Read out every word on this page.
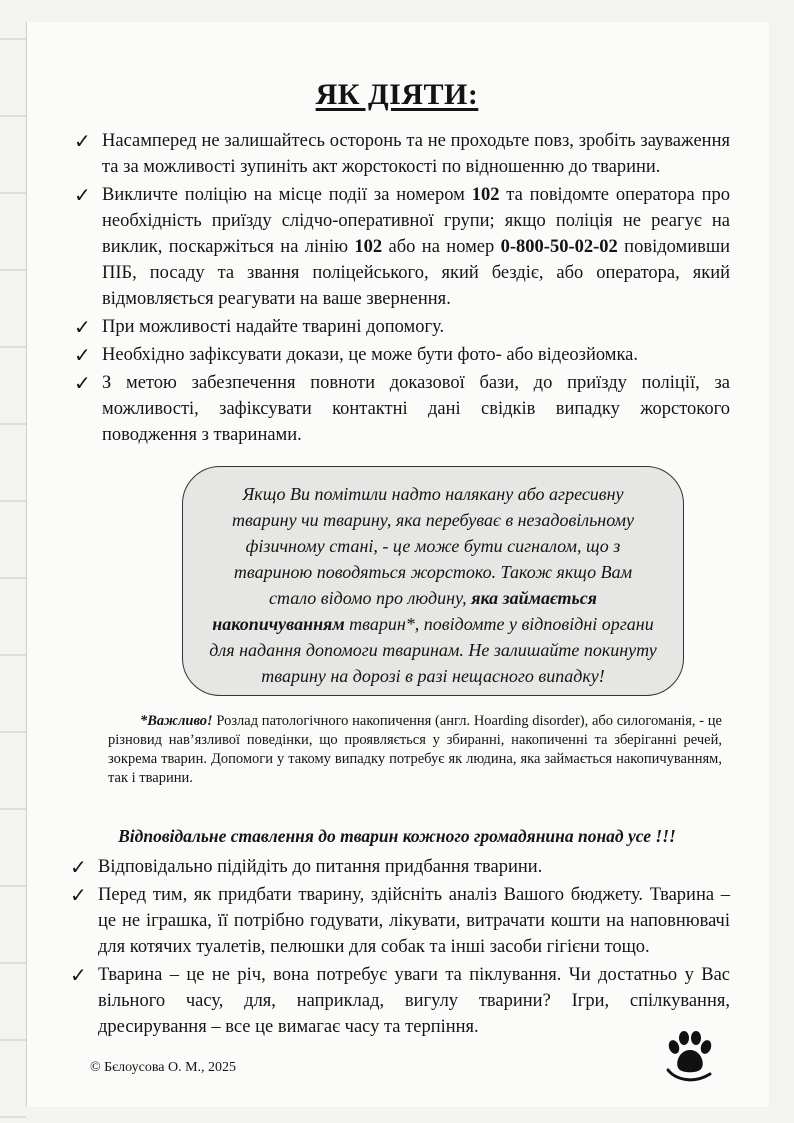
ЯК ДІЯТИ:
✓ Насамперед не залишайтесь осторонь та не проходьте повз, зробіть зауваження та за можливості зупиніть акт жорстокості по відношенню до тварини.
✓ Викличте поліцію на місце події за номером 102 та повідомте оператора про необхідність приїзду слідчо-оперативної групи; якщо поліція не реагує на виклик, поскаржіться на лінію 102 або на номер 0-800-50-02-02 повідомивши ПІБ, посаду та звання поліцейського, який бездіє, або оператора, який відмовляється реагувати на ваше звернення.
✓ При можливості надайте тварині допомогу.
✓ Необхідно зафіксувати докази, це може бути фото- або відеозйомка.
✓ З метою забезпечення повноти доказової бази, до приїзду поліції, за можливості, зафіксувати контактні дані свідків випадку жорстокого поводження з тваринами.
Якщо Ви помітили надто налякану або агресивну тварину чи тварину, яка перебуває в незадовільному фізичному стані, - це може бути сигналом, що з твариною поводяться жорстоко. Також якщо Вам стало відомо про людину, яка займається накопичуванням тварин*, повідомте у відповідні органи для надання допомоги тваринам. Не залишайте покинуту тварину на дорозі в разі нещасного випадку!
*Важливо! Розлад патологічного накопичення (англ. Hoarding disorder), або силогоманія, - це різновид нав’язливої поведінки, що проявляється у збиранні, накопиченні та зберіганні речей, зокрема тварин. Допомоги у такому випадку потребує як людина, яка займається накопичуванням, так і тварини.
Відповідальне ставлення до тварин кожного громадянина понад усе !!!
✓ Відповідально підійдіть до питання придбання тварини.
✓ Перед тим, як придбати тварину, здійсніть аналіз Вашого бюджету. Тварина – це не іграшка, її потрібно годувати, лікувати, витрачати кошти на наповнювачі для котячих туалетів, пелюшки для собак та інші засоби гігієни тощо.
✓ Тварина – це не річ, вона потребує уваги та піклування. Чи достатньо у Вас вільного часу, для, наприклад, вигулу тварини? Ігри, спілкування, дресирування – все це вимагає часу та терпіння.
© Бєлоусова О. М., 2025
